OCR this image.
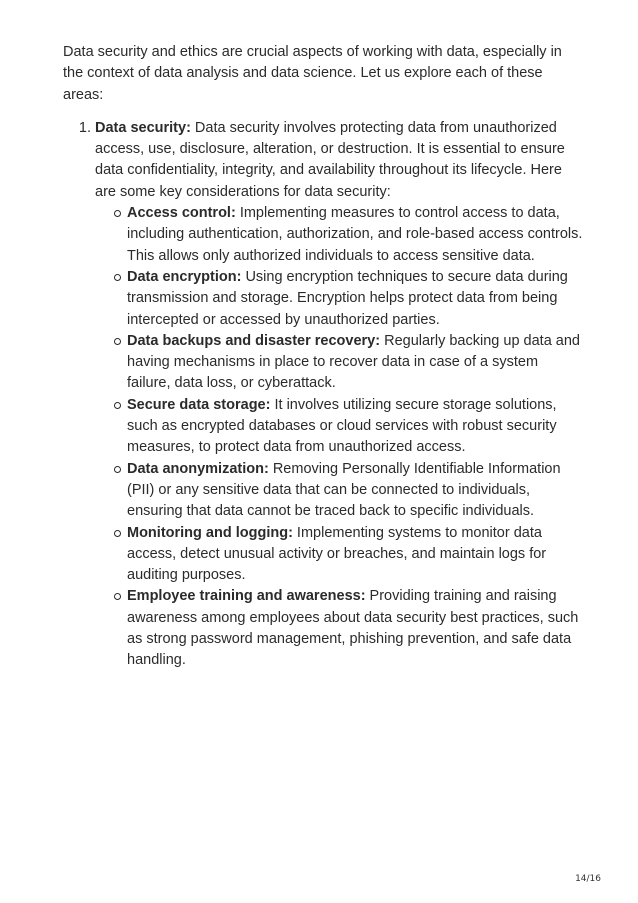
Data security and ethics are crucial aspects of working with data, especially in the context of data analysis and data science. Let us explore each of these areas:

1. Data security: Data security involves protecting data from unauthorized access, use, disclosure, alteration, or destruction. It is essential to ensure data confidentiality, integrity, and availability throughout its lifecycle. Here are some key considerations for data security:
Access control: Implementing measures to control access to data, including authentication, authorization, and role-based access controls. This allows only authorized individuals to access sensitive data.
Data encryption: Using encryption techniques to secure data during transmission and storage. Encryption helps protect data from being intercepted or accessed by unauthorized parties.
Data backups and disaster recovery: Regularly backing up data and having mechanisms in place to recover data in case of a system failure, data loss, or cyberattack.
Secure data storage: It involves utilizing secure storage solutions, such as encrypted databases or cloud services with robust security measures, to protect data from unauthorized access.
Data anonymization: Removing Personally Identifiable Information (PII) or any sensitive data that can be connected to individuals, ensuring that data cannot be traced back to specific individuals.
Monitoring and logging: Implementing systems to monitor data access, detect unusual activity or breaches, and maintain logs for auditing purposes.
Employee training and awareness: Providing training and raising awareness among employees about data security best practices, such as strong password management, phishing prevention, and safe data handling.
14/16
